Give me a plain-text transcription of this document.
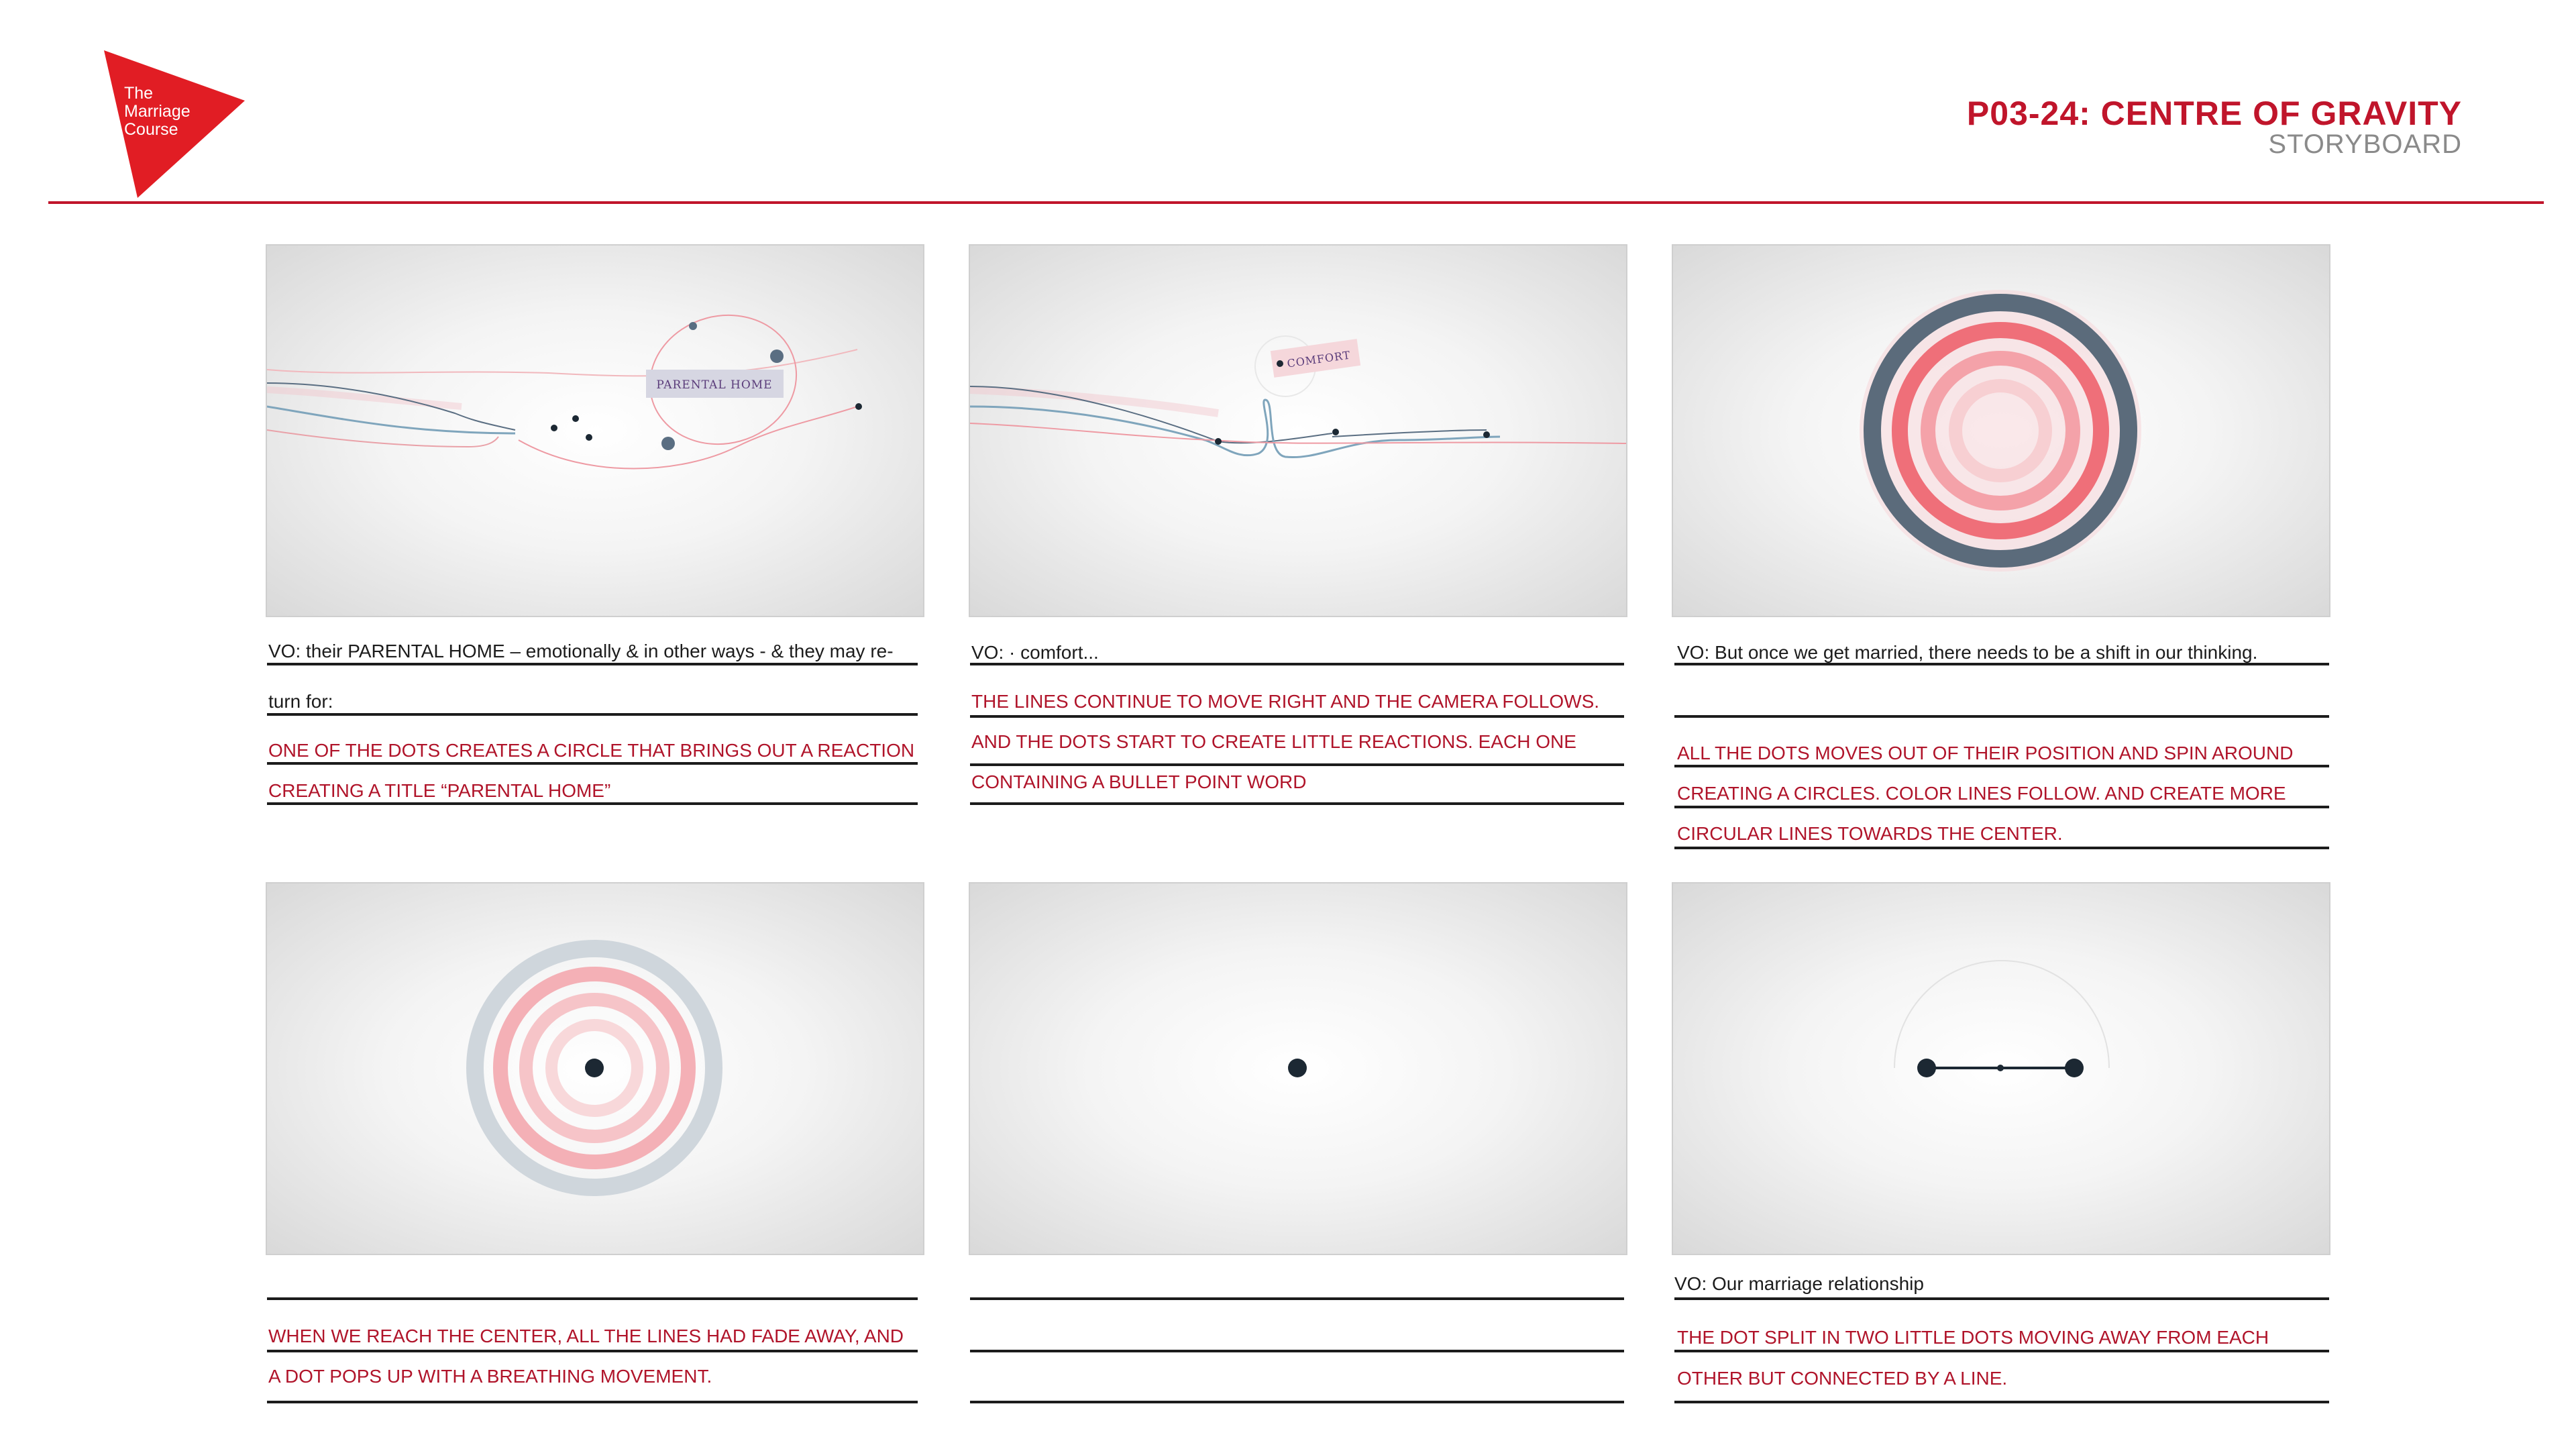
The
Marriage
Course	P03-24: CENTRE OF GRAVITY
STORYBOARD
PARENTAL HOME
COMFORT
VO: their PARENTAL HOME – emotionally & in other ways - & they may re-
turn for:
ONE OF THE DOTS CREATES A CIRCLE THAT BRINGS OUT A REACTION
CREATING A TITLE “PARENTAL HOME”
VO: · comfort...
THE LINES CONTINUE TO MOVE RIGHT AND THE CAMERA FOLLOWS.
AND THE DOTS START TO CREATE LITTLE REACTIONS. EACH ONE
CONTAINING A BULLET POINT WORD
VO: But once we get married, there needs to be a shift in our thinking.
ALL THE DOTS MOVES OUT OF THEIR POSITION AND SPIN AROUND
CREATING A CIRCLES. COLOR LINES FOLLOW. AND CREATE MORE
CIRCULAR LINES TOWARDS THE CENTER.
WHEN WE REACH THE CENTER, ALL THE LINES HAD FADE AWAY, AND
A DOT POPS UP WITH A BREATHING MOVEMENT.
VO: Our marriage relationship
THE DOT SPLIT IN TWO LITTLE DOTS MOVING AWAY FROM EACH
OTHER BUT CONNECTED BY A LINE.
